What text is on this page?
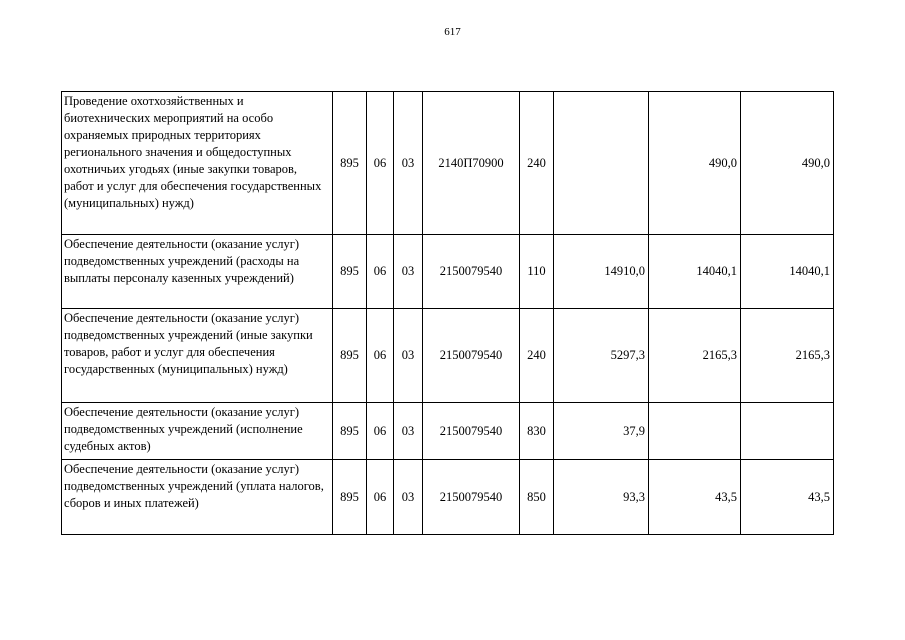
617
Проведение охотхозяйственных и биотехнических мероприятий на особо охраняемых природных территориях регионального значения и общедоступных охотничьих угодьях (иные закупки товаров, работ и услуг для обеспечения государственных (муниципальных) нужд)	895	06	03	2140П70900	240		490,0	490,0
Обеспечение деятельности (оказание услуг) подведомственных учреждений (расходы на выплаты персоналу казенных учреждений)	895	06	03	2150079540	110	14910,0	14040,1	14040,1
Обеспечение деятельности (оказание услуг) подведомственных учреждений (иные закупки товаров, работ и услуг для обеспечения государственных (муниципальных) нужд)	895	06	03	2150079540	240	5297,3	2165,3	2165,3
Обеспечение деятельности (оказание услуг) подведомственных учреждений (исполнение судебных актов)	895	06	03	2150079540	830	37,9		
Обеспечение деятельности (оказание услуг) подведомственных учреждений (уплата налогов, сборов и иных платежей)	895	06	03	2150079540	850	93,3	43,5	43,5
